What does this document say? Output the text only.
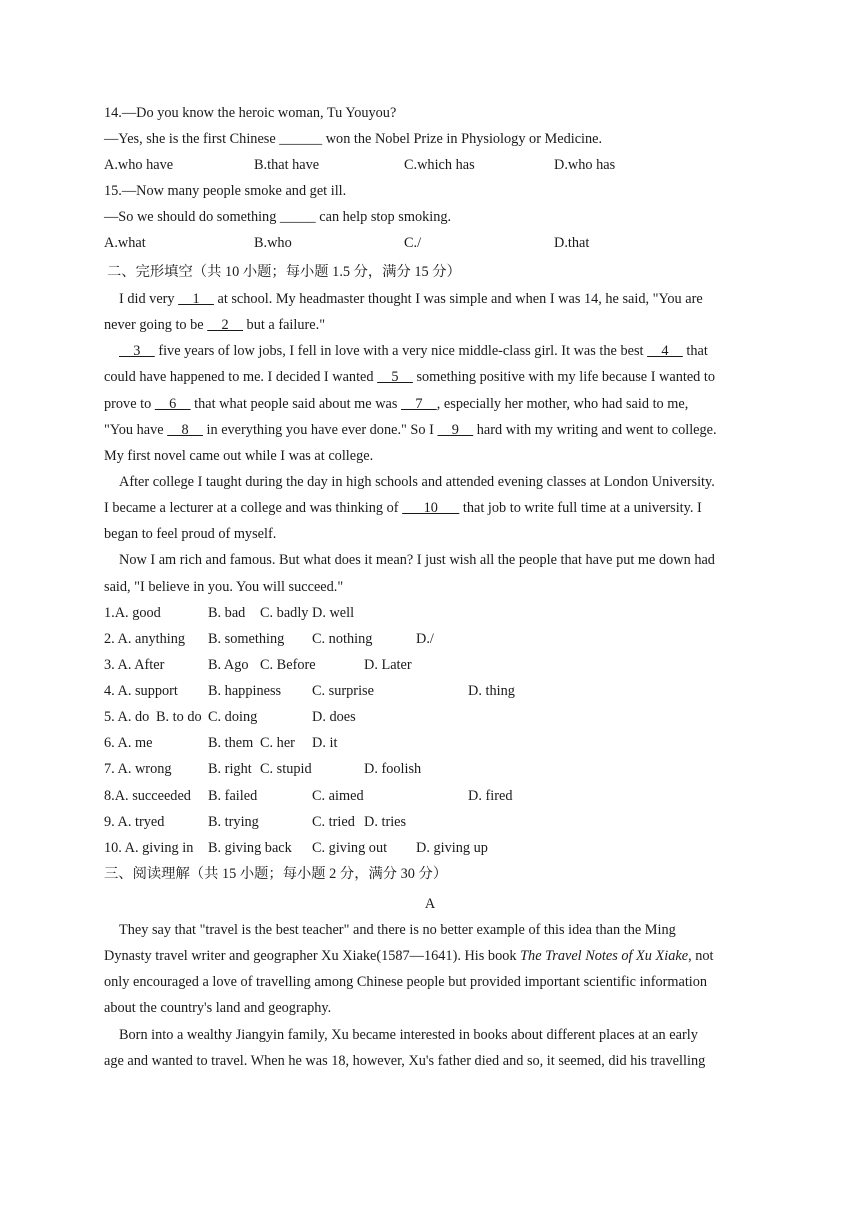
14.—Do you know the heroic woman, Tu Youyou?
—Yes, she is the first Chinese ______ won the Nobel Prize in Physiology or Medicine.
A.who have	B.that have	C.which has	D.who has
15.—Now many people smoke and get ill.
—So we should do something _____ can help stop smoking.
A.what	B.who	C./	D.that
二、完形填空（共 10 小题；每小题 1.5 分，满分 15 分）
I did very     1     at school. My headmaster thought I was simple and when I was 14, he said, "You are
never going to be     2     but a failure."
3     five years of low jobs, I fell in love with a very nice middle-class girl. It was the best     4     that
could have happened to me. I decided I wanted     5     something positive with my life because I wanted to
prove to     6     that what people said about me was     7    , especially her mother, who had said to me,
"You have     8     in everything you have ever done." So I     9     hard with my writing and went to college.
My first novel came out while I was at college.
After college I taught during the day in high schools and attended evening classes at London University.
I became a lecturer at a college and was thinking of       10       that job to write full time at a university. I
began to feel proud of myself.
Now I am rich and famous. But what does it mean? I just wish all the people that have put me down had
said, "I believe in you. You will succeed."
1.A. good	B. bad C. badly D. well
2. A. anything B. something C. nothing	D./
3. A. After	B. Ago C. Before	D. Later
4. A. support B. happiness C. surprise	D. thing
5. A. do B. to do C. doing	D. does
6. A. me	B. them C. her D. it
7. A. wrong	B. right C. stupid	D. foolish
8.A. succeeded B. failed	C. aimed	D. fired
9. A. tryed	B. trying	C. tried D. tries
10. A. giving in B. giving back C. giving out D. giving up
三、阅读理解（共 15 小题；每小题 2 分，满分 30 分）
A
They say that "travel is the best teacher" and there is no better example of this idea than the Ming
Dynasty travel writer and geographer Xu Xiake(1587—1641). His book The Travel Notes of Xu Xiake, not
only encouraged a love of travelling among Chinese people but provided important scientific information
about the country's land and geography.
Born into a wealthy Jiangyin family, Xu became interested in books about different places at an early
age and wanted to travel. When he was 18, however, Xu's father died and so, it seemed, did his travelling
